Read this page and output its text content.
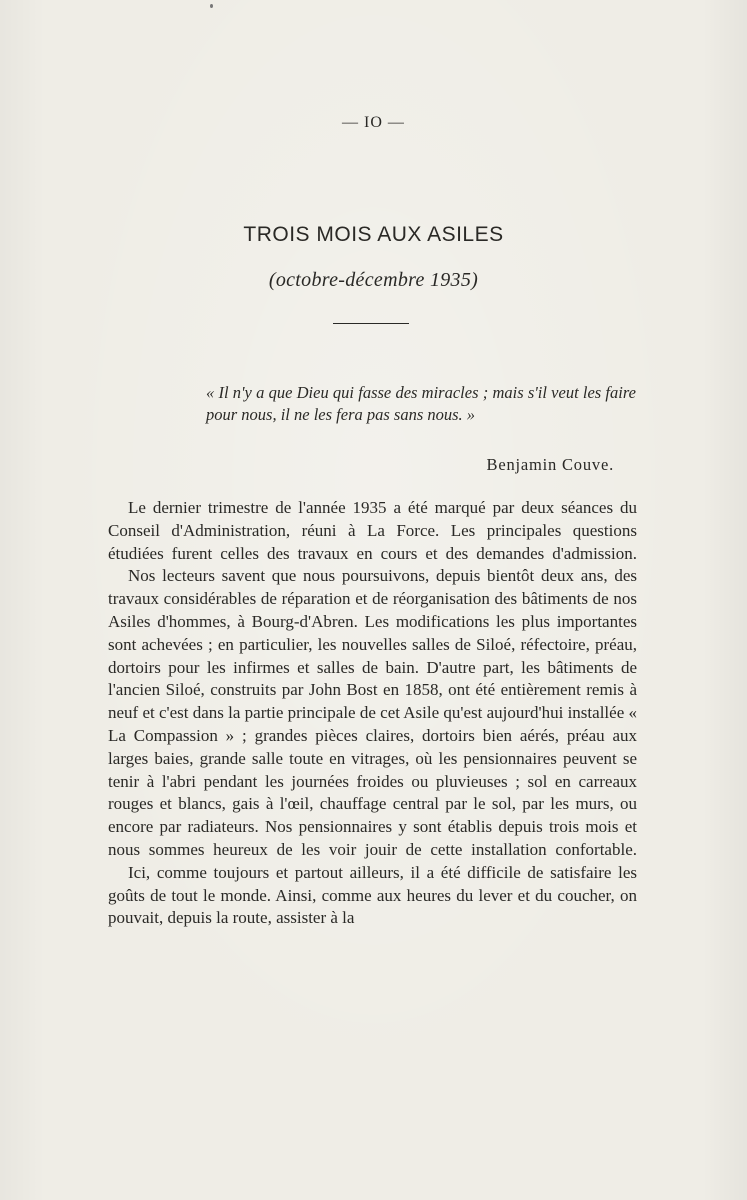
— IO —
TROIS MOIS AUX ASILES
(octobre-décembre 1935)
« Il n'y a que Dieu qui fasse des miracles ; mais s'il veut les faire pour nous, il ne les fera pas sans nous. »
Benjamin Couve.

Le dernier trimestre de l'année 1935 a été marqué par deux séances du Conseil d'Administration, réuni à La Force. Les principales questions étudiées furent celles des travaux en cours et des demandes d'admission.

Nos lecteurs savent que nous poursuivons, depuis bientôt deux ans, des travaux considérables de réparation et de réorganisation des bâtiments de nos Asiles d'hommes, à Bourg-d'Abren. Les modifications les plus importantes sont achevées ; en particulier, les nouvelles salles de Siloé, réfectoire, préau, dortoirs pour les infirmes et salles de bain. D'autre part, les bâtiments de l'ancien Siloé, construits par John Bost en 1858, ont été entièrement remis à neuf et c'est dans la partie principale de cet Asile qu'est aujourd'hui installée « La Compassion » ; grandes pièces claires, dortoirs bien aérés, préau aux larges baies, grande salle toute en vitrages, où les pensionnaires peuvent se tenir à l'abri pendant les journées froides ou pluvieuses ; sol en carreaux rouges et blancs, gais à l'œil, chauffage central par le sol, par les murs, ou encore par radiateurs. Nos pensionnaires y sont établis depuis trois mois et nous sommes heureux de les voir jouir de cette installation confortable.

Ici, comme toujours et partout ailleurs, il a été difficile de satisfaire les goûts de tout le monde. Ainsi, comme aux heures du lever et du coucher, on pouvait, depuis la route, assister à la
